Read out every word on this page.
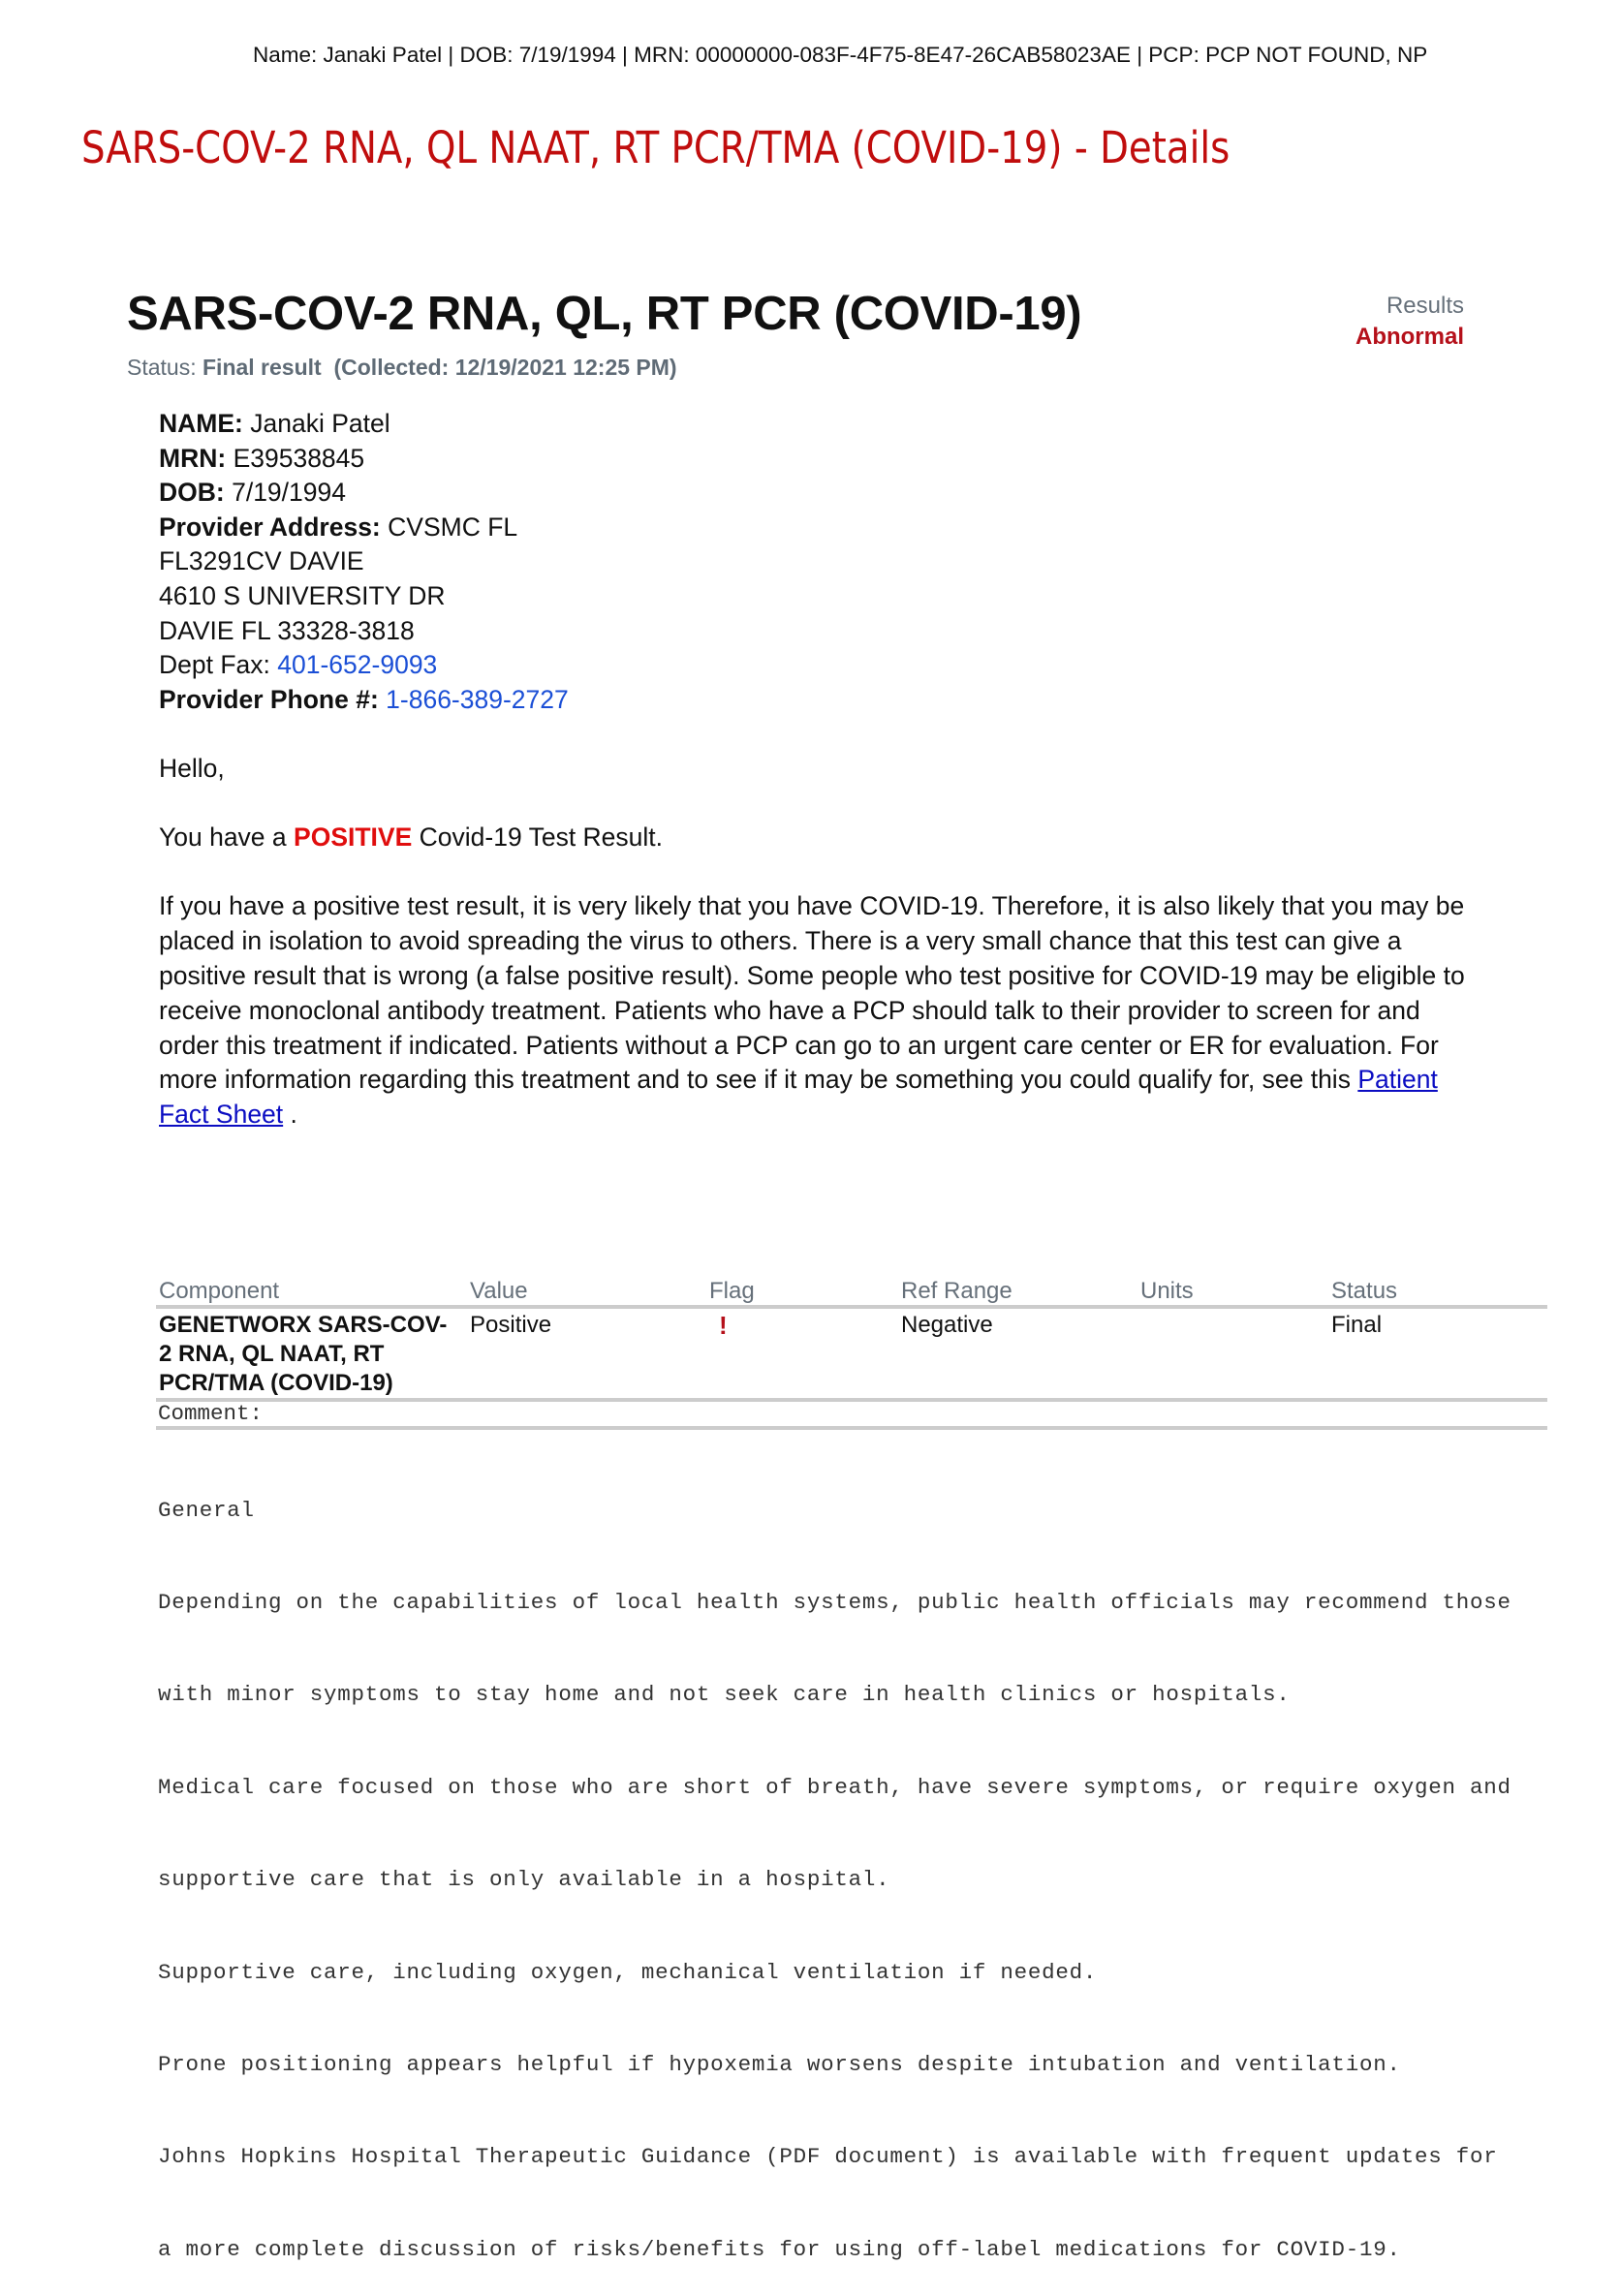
Name: Janaki Patel | DOB: 7/19/1994 | MRN: 00000000-083F-4F75-8E47-26CAB58023AE | PCP: PCP NOT FOUND, NP
SARS-COV-2 RNA, QL NAAT, RT PCR/TMA (COVID-19) - Details
SARS-COV-2 RNA, QL, RT PCR (COVID-19)
Status: Final result (Collected: 12/19/2021 12:25 PM)
Results
Abnormal
NAME: Janaki Patel
MRN: E39538845
DOB: 7/19/1994
Provider Address: CVSMC FL
FL3291CV DAVIE
4610 S UNIVERSITY DR
DAVIE FL 33328-3818
Dept Fax: 401-652-9093
Provider Phone #: 1-866-389-2727
Hello,
You have a POSITIVE Covid-19 Test Result.
If you have a positive test result, it is very likely that you have COVID-19. Therefore, it is also likely that you may be placed in isolation to avoid spreading the virus to others. There is a very small chance that this test can give a positive result that is wrong (a false positive result). Some people who test positive for COVID-19 may be eligible to receive monoclonal antibody treatment. Patients who have a PCP should talk to their provider to screen for and order this treatment if indicated. Patients without a PCP can go to an urgent care center or ER for evaluation. For more information regarding this treatment and to see if it may be something you could qualify for, see this Patient Fact Sheet .
Component	Value	Flag	Ref Range	Units	Status
GENETWORX SARS-COV-2 RNA, QL NAAT, RT PCR/TMA (COVID-19)	Positive	!	Negative		Final
Comment:

General

Depending on the capabilities of local health systems, public health officials may recommend those

with minor symptoms to stay home and not seek care in health clinics or hospitals.

Medical care focused on those who are short of breath, have severe symptoms, or require oxygen and

supportive care that is only available in a hospital.

Supportive care, including oxygen, mechanical ventilation if needed.

Prone positioning appears helpful if hypoxemia worsens despite intubation and ventilation.

Johns Hopkins Hospital Therapeutic Guidance (PDF document) is available with frequent updates for

a more complete discussion of risks/benefits for using off-label medications for COVID-19.
